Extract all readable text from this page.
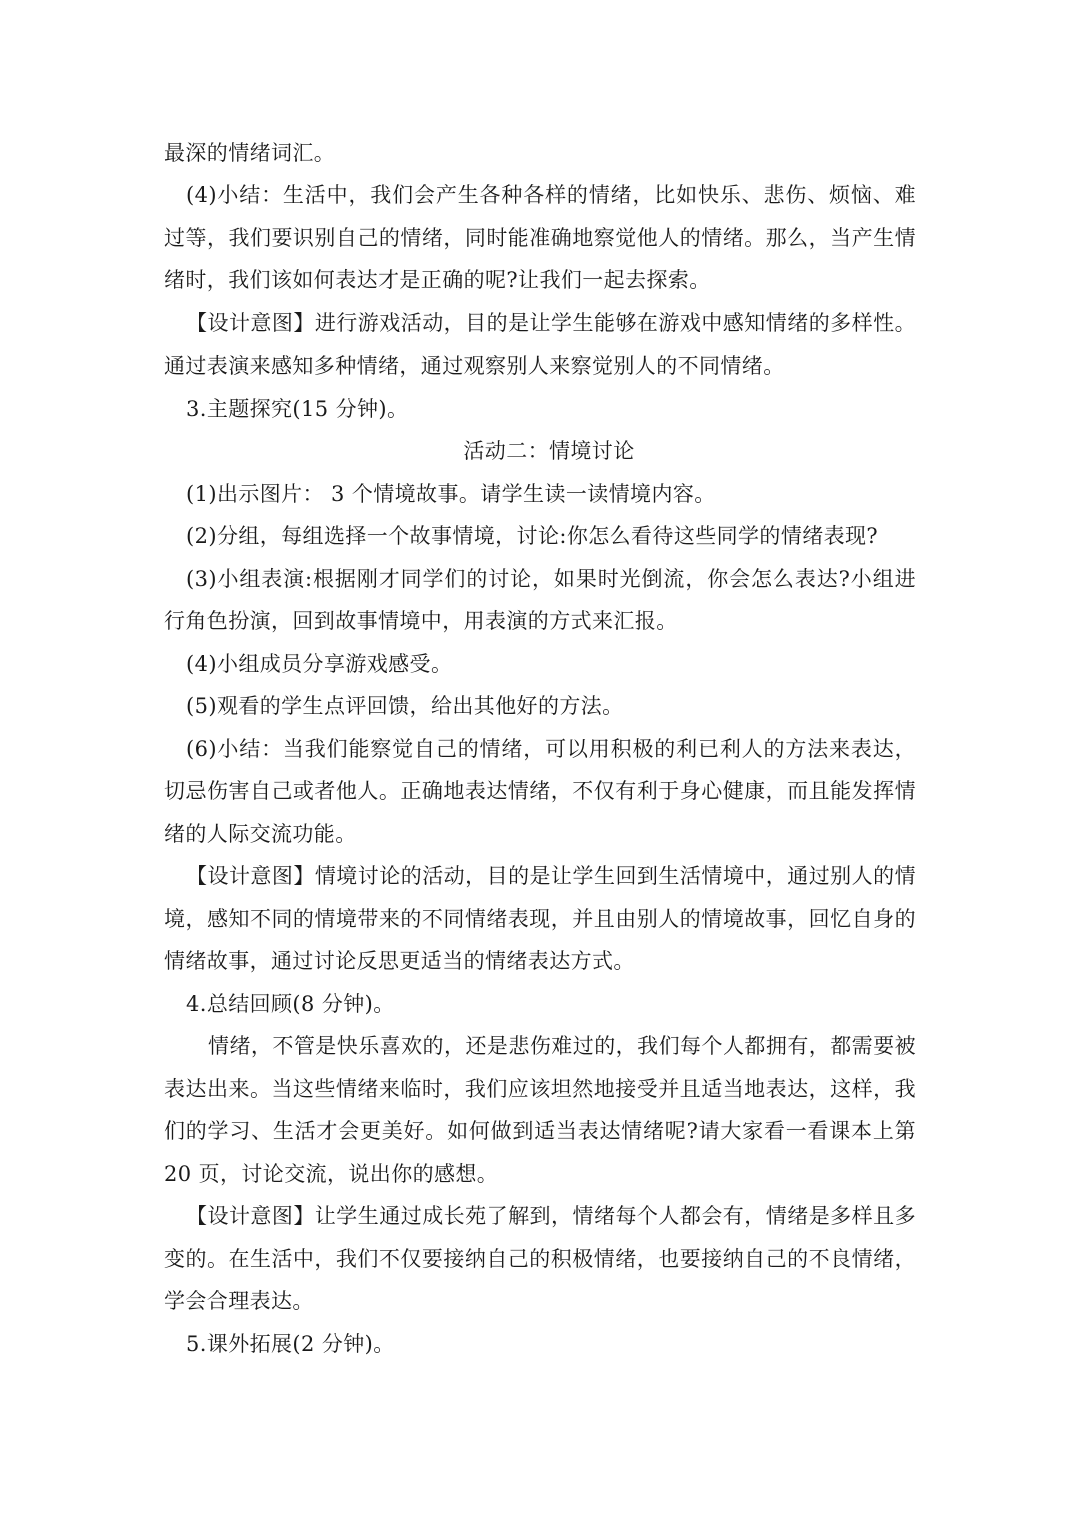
最深的情绪词汇。
(4)小结：生活中，我们会产生各种各样的情绪，比如快乐、悲伤、烦恼、难
过等，我们要识别自己的情绪，同时能准确地察觉他人的情绪。那么，当产生情
绪时，我们该如何表达才是正确的呢?让我们一起去探索。
【设计意图】进行游戏活动，目的是让学生能够在游戏中感知情绪的多样性。
通过表演来感知多种情绪，通过观察别人来察觉别人的不同情绪。
3.主题探究(15 分钟)。
活动二：情境讨论
(1)出示图片： 3 个情境故事。请学生读一读情境内容。
(2)分组，每组选择一个故事情境，讨论:你怎么看待这些同学的情绪表现?
(3)小组表演:根据刚才同学们的讨论，如果时光倒流，你会怎么表达?小组进
行角色扮演，回到故事情境中，用表演的方式来汇报。
(4)小组成员分享游戏感受。
(5)观看的学生点评回馈，给出其他好的方法。
(6)小结：当我们能察觉自己的情绪，可以用积极的利已利人的方法来表达，
切忌伤害自己或者他人。正确地表达情绪，不仅有利于身心健康，而且能发挥情
绪的人际交流功能。
【设计意图】情境讨论的活动，目的是让学生回到生活情境中，通过别人的情
境，感知不同的情境带来的不同情绪表现，并且由别人的情境故事，回忆自身的
情绪故事，通过讨论反思更适当的情绪表达方式。
4.总结回顾(8 分钟)。
情绪，不管是快乐喜欢的，还是悲伤难过的，我们每个人都拥有，都需要被
表达出来。当这些情绪来临时，我们应该坦然地接受并且适当地表达，这样，我
们的学习、生活才会更美好。如何做到适当表达情绪呢?请大家看一看课本上第
20 页，讨论交流，说出你的感想。
【设计意图】让学生通过成长苑了解到，情绪每个人都会有，情绪是多样且多
变的。在生活中，我们不仅要接纳自己的积极情绪，也要接纳自己的不良情绪，
学会合理表达。
5.课外拓展(2 分钟)。
